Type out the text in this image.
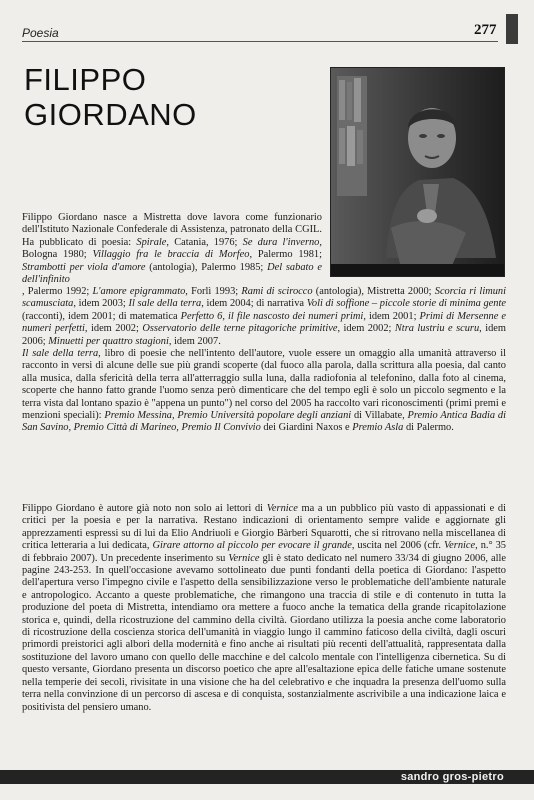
Poesia	277
FILIPPO
GIORDANO
Filippo Giordano nasce a Mistretta dove lavora come funzionario dell'Istituto Nazionale Confederale di Assistenza, patronato della CGIL. Ha pubblicato di poesia: Spirale, Catania, 1976; Se dura l'inverno, Bologna 1980; Villaggio fra le braccia di Morfeo, Palermo 1981; Strambotti per viola d'amore (antologia), Palermo 1985; Del sabato e dell'infinito

, Palermo 1992; L'amore epigrammato, Forlì 1993; Rami di scirocco (antologia), Mistretta 2000; Scorcia ri limuni scamusciata, idem 2003; Il sale della terra, idem 2004; di narrativa Voli di soffione – piccole storie di minima gente (racconti), idem 2001; di matematica Perfetto 6, il file nascosto dei numeri primi, idem 2001; Primi di Mersenne e numeri perfetti, idem 2002; Osservatorio delle terne pitagoriche primitive, idem 2002; Ntra lustriu e scuru, idem 2006; Minuetti per quattro stagioni, idem 2007.

Il sale della terra, libro di poesie che nell'intento dell'autore, vuole essere un omaggio alla umanità attraverso il racconto in versi di alcune delle sue più grandi scoperte (dal fuoco alla parola, dalla scrittura alla poesia, dal canto alla musica, dalla sfericità della terra all'atterraggio sulla luna, dalla radiofonia al telefonino, dalla foto al cinema, scoperte che hanno fatto grande l'uomo senza però dimenticare che del tempo egli è solo un piccolo segmento e la terra vista dal lontano spazio è "appena un punto") nel corso del 2005 ha raccolto vari riconoscimenti (primi premi e menzioni speciali): Premio Messina, Premio Università popolare degli anziani di Villabate, Premio Antica Badia di San Savino, Premio Città di Marineo, Premio Il Convivio dei Giardini Naxos e Premio Asla di Palermo.

Filippo Giordano è autore già noto non solo ai lettori di Vernice ma a un pubblico più vasto di appassionati e di critici per la poesia e per la narrativa. Restano indicazioni di orientamento sempre valide e aggiornate gli apprezzamenti espressi su di lui da Elio Andriuoli e Giorgio Bàrberi Squarotti, che si ritrovano nella miscellanea di critica letteraria a lui dedicata, Girare attorno al piccolo per evocare il grande, uscita nel 2006 (cfr. Vernice, n.° 35 di febbraio 2007). Un precedente inserimento su Vernice gli è stato dedicato nel numero 33/34 di giugno 2006, alle pagine 243-253. In quell'occasione avevamo sottolineato due punti fondanti della poetica di Giordano: l'aspetto dell'apertura verso l'impegno civile e l'aspetto della sensibilizzazione verso le problematiche dell'ambiente naturale e antropologico. Accanto a queste problematiche, che rimangono una traccia di stile e di contenuto in tutta la produzione del poeta di Mistretta, intendiamo ora mettere a fuoco anche la tematica della grande ricapitolazione storica e, quindi, della ricostruzione del cammino della civiltà. Giordano utilizza la poesia anche come laboratorio di ricostruzione della coscienza storica dell'umanità in viaggio lungo il cammino faticoso della civiltà, dagli oscuri primordi preistorici agli albori della modernità e fino anche ai risultati più recenti dell'attualità, rappresentata dalla sostituzione del lavoro umano con quello delle macchine e del calcolo mentale con l'intelligenza cibernetica. Su di questo versante, Giordano presenta un discorso poetico che apre all'esaltazione epica delle fatiche umane sostenute nella temperie dei secoli, rivisitate in una visione che ha del celebrativo e che inquadra la presenza dell'uomo sulla terra nella convinzione di un percorso di ascesa e di conquista, sostanzialmente ascrivibile a una indicazione laica e positivista del pensiero umano.
sandro gros-pietro
